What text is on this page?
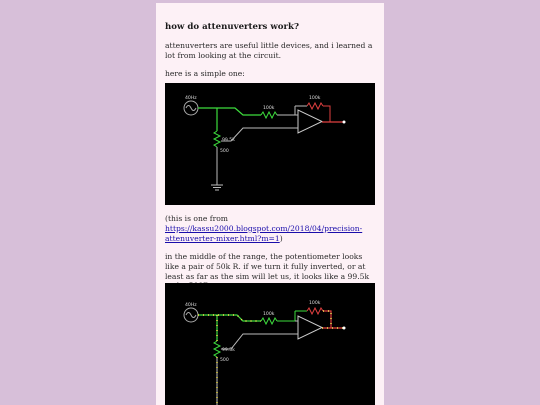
how do attenuverters work?

attenuverters are useful little devices, and i learned a lot from looking at the circuit.

here is a simple one:

40Hz
100k
100k
99.5k
500

(this is one from https://kassu2000.blogspot.com/2018/04/precision-attenuverter-mixer.html?m=1)

in the middle of the range, the potentiometer looks like a pair of 50k R. if we turn it fully inverted, or at least as far as the sim will let us, it looks like a 99.5k

40Hz
100k
100k
99.5k
500
